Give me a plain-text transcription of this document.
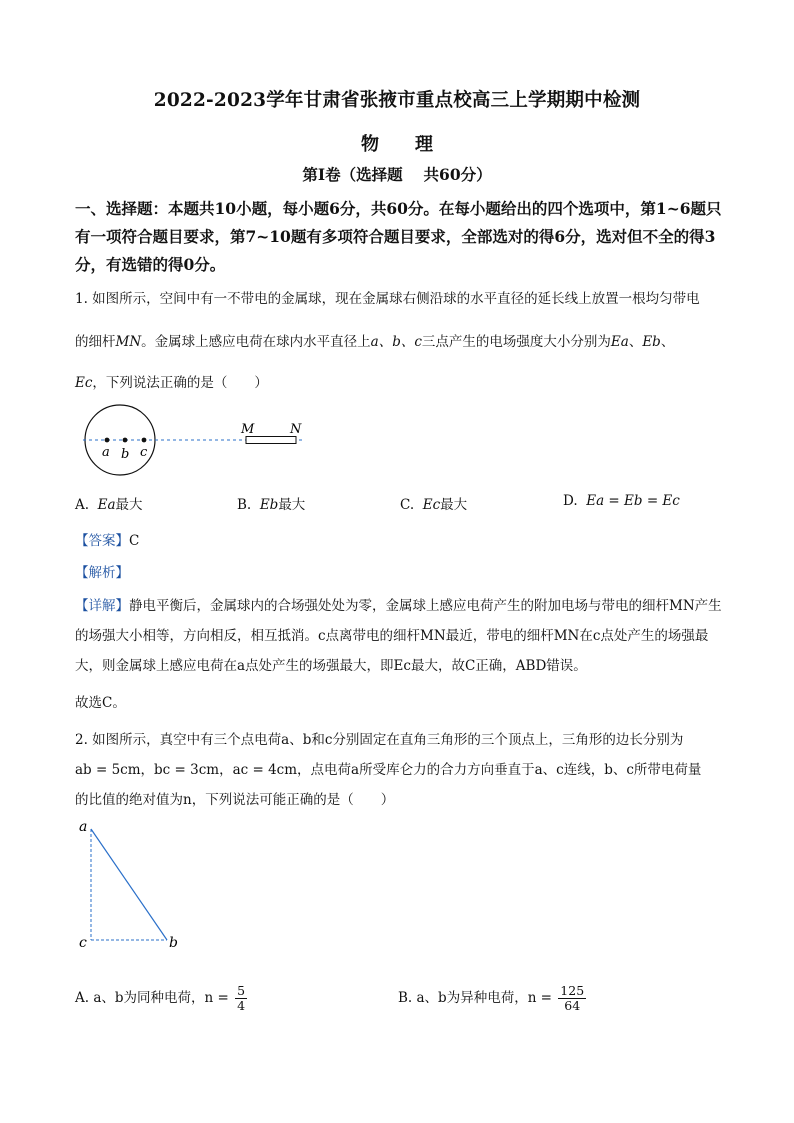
2022-2023学年甘肃省张掖市重点校高三上学期期中检测
物 理
第Ⅰ卷（选择题　 共60分）
一、选择题：本题共10小题，每小题6分，共60分。在每小题给出的四个选项中，第1~6题只有一项符合题目要求，第7~10题有多项符合题目要求，全部选对的得6分，选对但不全的得3分，有选错的得0分。
1. 如图所示，空间中有一不带电的金属球，现在金属球右侧沿球的水平直径的延长线上放置一根均匀带电
的细杆MN。金属球上感应电荷在球内水平直径上a、b、c三点产生的电场强度大小分别为Ea、Eb、
Ec，下列说法正确的是（　　）
a b c
M	N
A. Ea最大	B. Eb最大	C. Ec最大	D. Ea = Eb = Ec
【答案】C
【解析】
【详解】静电平衡后，金属球内的合场强处处为零，金属球上感应电荷产生的附加电场与带电的细杆MN产生的场强大小相等，方向相反，相互抵消。c点离带电的细杆MN最近，带电的细杆MN在c点处产生的场强最大，则金属球上感应电荷在a点处产生的场强最大，即Ec最大，故C正确，ABD错误。
故选C。
2. 如图所示，真空中有三个点电荷a、b和c分别固定在直角三角形的三个顶点上，三角形的边长分别为
ab = 5cm，bc = 3cm，ac = 4cm，点电荷a所受库仑力的合力方向垂直于a、c连线，b、c所带电荷量
的比值的绝对值为n，下列说法可能正确的是（　　）
a
c	b
A. a、b为同种电荷，$n = \frac{5}{4}$	B. a、b为异种电荷，$n = \frac{125}{64}$
